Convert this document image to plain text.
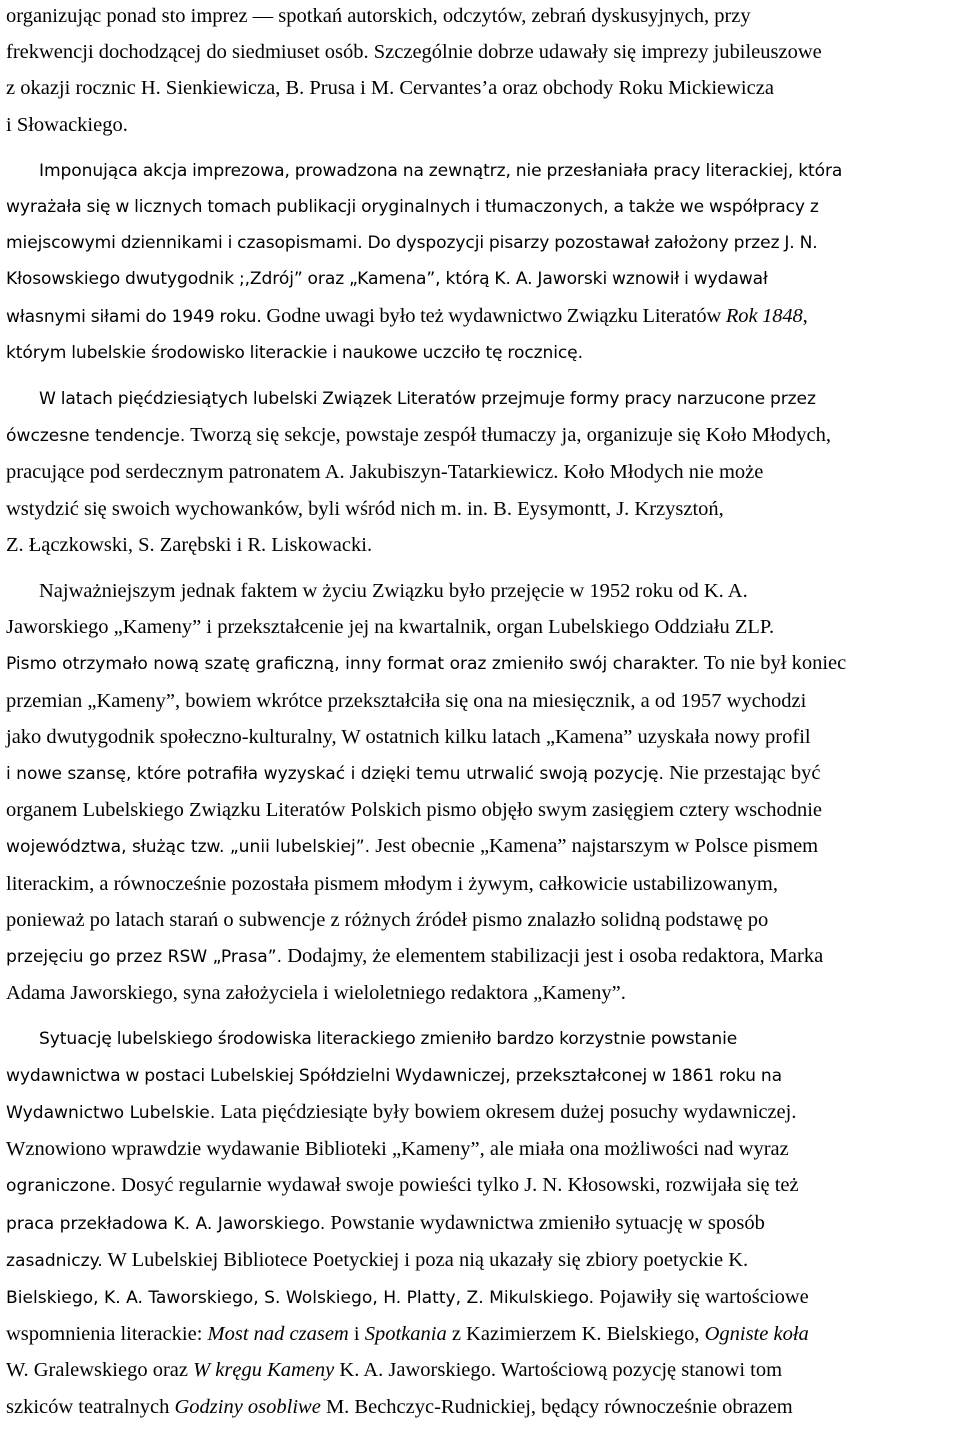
organizując ponad sto imprez — spotkań autorskich, odczytów, zebrań dyskusyjnych, przy
frekwencji dochodzącej do siedmiuset osób. Szczególnie dobrze udawały się imprezy jubileuszowe
z okazji rocznic H. Sienkiewicza, B. Prusa i M. Cervantes’a oraz obchody Roku Mickiewicza
i Słowackiego.

Imponująca akcja imprezowa, prowadzona na zewnątrz, nie przesłaniała pracy literackiej, która
wyrażała się w licznych tomach publikacji oryginalnych i tłumaczonych, a także we współpracy z
miejscowymi dziennikami i czasopismami. Do dyspozycji pisarzy pozostawał założony przez J. N.
Kłosowskiego dwutygodnik ;,Zdrój” oraz „Kamena”, którą K. A. Jaworski wznowił i wydawał
własnymi siłami do 1949 roku. Godne uwagi było też wydawnictwo Związku Literatów Rok 1848,
którym lubelskie środowisko literackie i naukowe uczciło tę rocznicę.

W latach pięćdziesiątych lubelski Związek Literatów przejmuje formy pracy narzucone przez
ówczesne tendencje. Tworzą się sekcje, powstaje zespół tłumaczy ja, organizuje się Koło Młodych,
pracujące pod serdecznym patronatem A. Jakubiszyn-Tatarkiewicz. Koło Młodych nie może
wstydzić się swoich wychowanków, byli wśród nich m. in. B. Eysymontt, J. Krzysztoń,
Z. Łączkowski, S. Zarębski i R. Liskowacki.

Najważniejszym jednak faktem w życiu Związku było przejęcie w 1952 roku od K. A.
Jaworskiego „Kameny” i przekształcenie jej na kwartalnik, organ Lubelskiego Oddziału ZLP.
Pismo otrzymało nową szatę graficzną, inny format oraz zmieniło swój charakter. To nie był koniec
przemian „Kameny”, bowiem wkrótce przekształciła się ona na miesięcznik, a od 1957 wychodzi
jako dwutygodnik społeczno-kulturalny, W ostatnich kilku latach „Kamena” uzyskała nowy profil
i nowe szansę, które potrafiła wyzyskać i dzięki temu utrwalić swoją pozycję. Nie przestając być
organem Lubelskiego Związku Literatów Polskich pismo objęło swym zasięgiem cztery wschodnie
województwa, służąc tzw. „unii lubelskiej”. Jest obecnie „Kamena” najstarszym w Polsce pismem
literackim, a równocześnie pozostała pismem młodym i żywym, całkowicie ustabilizowanym,
ponieważ po latach starań o subwencje z różnych źródeł pismo znalazło solidną podstawę po
przejęciu go przez RSW „Prasa”. Dodajmy, że elementem stabilizacji jest i osoba redaktora, Marka
Adama Jaworskiego, syna założyciela i wieloletniego redaktora „Kameny”.

Sytuację lubelskiego środowiska literackiego zmieniło bardzo korzystnie powstanie
wydawnictwa w postaci Lubelskiej Spółdzielni Wydawniczej, przekształconej w 1861 roku na
Wydawnictwo Lubelskie. Lata pięćdziesiąte były bowiem okresem dużej posuchy wydawniczej.
Wznowiono wprawdzie wydawanie Biblioteki „Kameny”, ale miała ona możliwości nad wyraz
ograniczone. Dosyć regularnie wydawał swoje powieści tylko J. N. Kłosowski, rozwijała się też
praca przekładowa K. A. Jaworskiego. Powstanie wydawnictwa zmieniło sytuację w sposób
zasadniczy. W Lubelskiej Bibliotece Poetyckiej i poza nią ukazały się zbiory poetyckie K.
Bielskiego, K. A. Taworskiego, S. Wolskiego, H. Platty, Z. Mikulskiego. Pojawiły się wartościowe
wspomnienia literackie: Most nad czasem i Spotkania z Kazimierzem K. Bielskiego, Ogniste koła
W. Gralewskiego oraz W kręgu Kameny K. A. Jaworskiego. Wartościową pozycję stanowi tom
szkiców teatralnych Godziny osobliwe M. Bechczyc-Rudnickiej, będący równocześnie obrazem
